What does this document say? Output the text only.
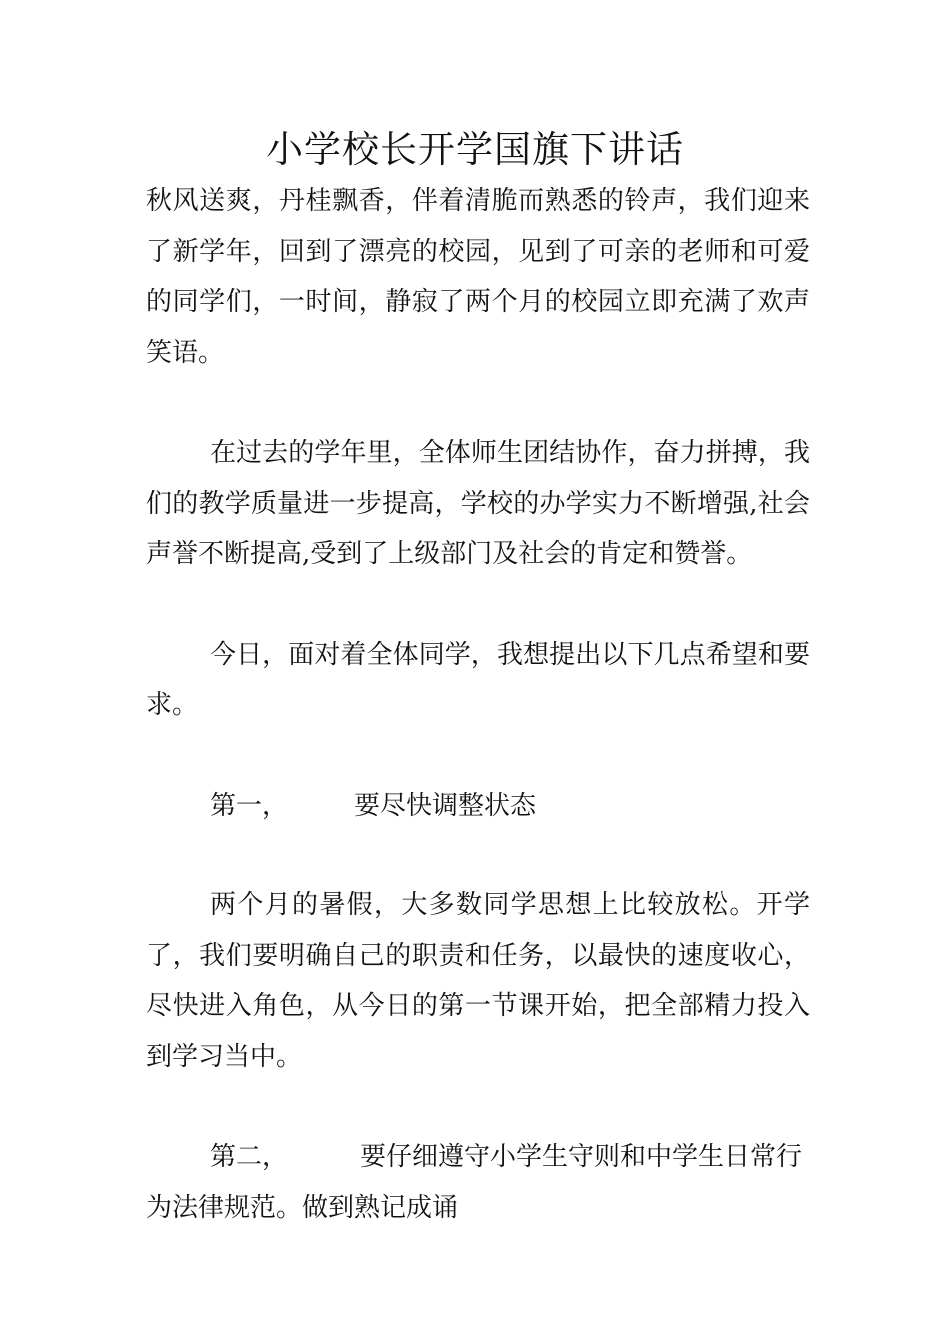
小学校长开学国旗下讲话

秋风送爽，丹桂飘香，伴着清脆而熟悉的铃声，我们迎来了新学年，回到了漂亮的校园，见到了可亲的老师和可爱的同学们，一时间，静寂了两个月的校园立即充满了欢声笑语。

在过去的学年里，全体师生团结协作，奋力拼搏，我们的教学质量进一步提高，学校的办学实力不断增强,社会声誉不断提高,受到了上级部门及社会的肯定和赞誉。

今日，面对着全体同学，我想提出以下几点希望和要求。

第一，	要尽快调整状态

两个月的暑假，大多数同学思想上比较放松。开学了，我们要明确自己的职责和任务，以最快的速度收心，尽快进入角色，从今日的第一节课开始，把全部精力投入到学习当中。

第二，	要仔细遵守小学生守则和中学生日常行为法律规范。做到熟记成诵
